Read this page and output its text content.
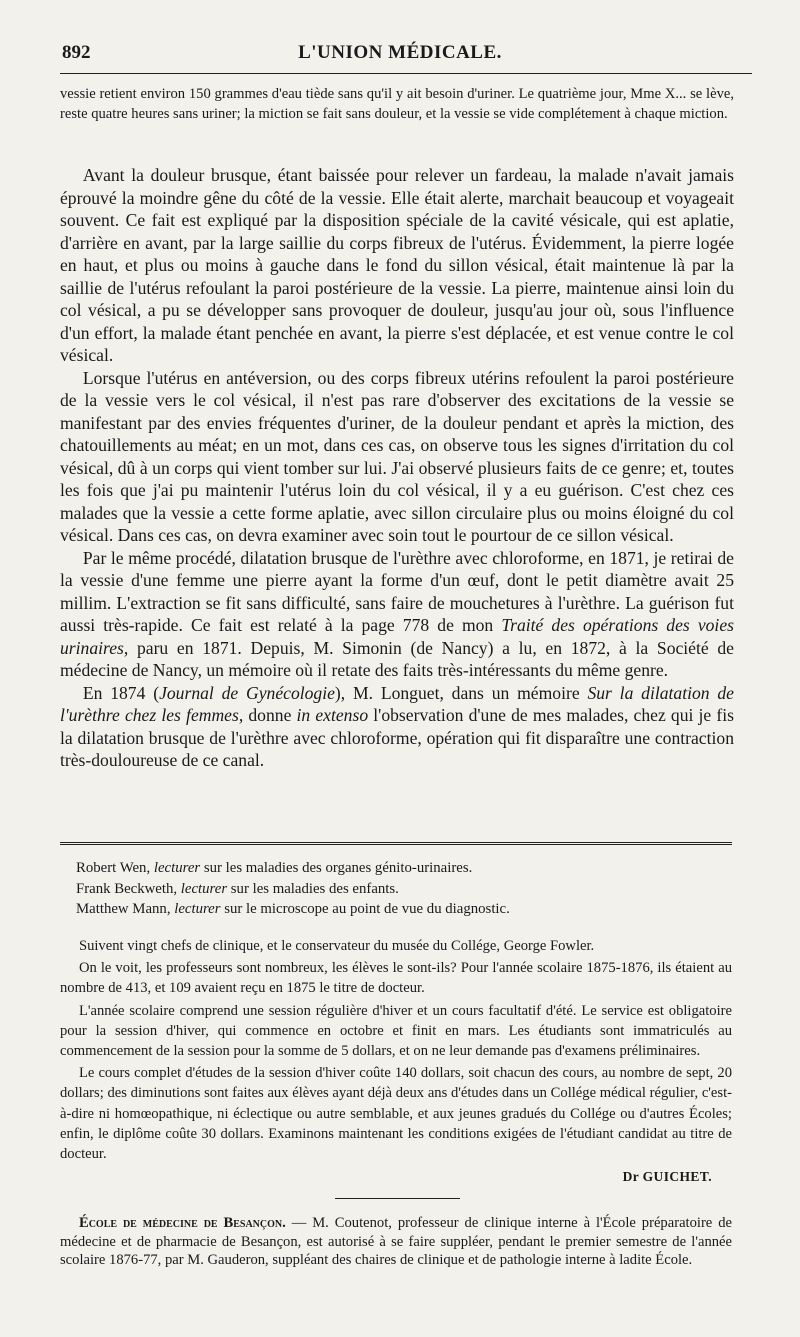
892	L'UNION MÉDICALE.

vessie retient environ 150 grammes d'eau tiède sans qu'il y ait besoin d'uriner. Le quatrième jour, Mme X... se lève, reste quatre heures sans uriner; la miction se fait sans douleur, et la vessie se vide complétement à chaque miction.

Avant la douleur brusque, étant baissée pour relever un fardeau, la malade n'avait jamais éprouvé la moindre gêne du côté de la vessie. Elle était alerte, marchait beaucoup et voyageait souvent. Ce fait est expliqué par la disposition spéciale de la cavité vésicale, qui est aplatie, d'arrière en avant, par la large saillie du corps fibreux de l'utérus. Évidemment, la pierre logée en haut, et plus ou moins à gauche dans le fond du sillon vésical, était maintenue là par la saillie de l'utérus refoulant la paroi postérieure de la vessie. La pierre, maintenue ainsi loin du col vésical, a pu se développer sans provoquer de douleur, jusqu'au jour où, sous l'influence d'un effort, la malade étant penchée en avant, la pierre s'est déplacée, et est venue contre le col vésical.

Lorsque l'utérus en antéversion, ou des corps fibreux utérins refoulent la paroi postérieure de la vessie vers le col vésical, il n'est pas rare d'observer des excitations de la vessie se manifestant par des envies fréquentes d'uriner, de la douleur pendant et après la miction, des chatouillements au méat; en un mot, dans ces cas, on observe tous les signes d'irritation du col vésical, dû à un corps qui vient tomber sur lui. J'ai observé plusieurs faits de ce genre; et, toutes les fois que j'ai pu maintenir l'utérus loin du col vésical, il y a eu guérison. C'est chez ces malades que la vessie a cette forme aplatie, avec sillon circulaire plus ou moins éloigné du col vésical. Dans ces cas, on devra examiner avec soin tout le pourtour de ce sillon vésical.

Par le même procédé, dilatation brusque de l'urèthre avec chloroforme, en 1871, je retirai de la vessie d'une femme une pierre ayant la forme d'un œuf, dont le petit diamètre avait 25 millim. L'extraction se fit sans difficulté, sans faire de mouchetures à l'urèthre. La guérison fut aussi très-rapide. Ce fait est relaté à la page 778 de mon Traité des opérations des voies urinaires, paru en 1871. Depuis, M. Simonin (de Nancy) a lu, en 1872, à la Société de médecine de Nancy, un mémoire où il retate des faits très-intéressants du même genre.

En 1874 (Journal de Gynécologie), M. Longuet, dans un mémoire Sur la dilatation de l'urèthre chez les femmes, donne in extenso l'observation d'une de mes malades, chez qui je fis la dilatation brusque de l'urèthre avec chloroforme, opération qui fit disparaître une contraction très-douloureuse de ce canal.

Robert Wen, lecturer sur les maladies des organes génito-urinaires.
Frank Beckweth, lecturer sur les maladies des enfants.
Matthew Mann, lecturer sur le microscope au point de vue du diagnostic.

Suivent vingt chefs de clinique, et le conservateur du musée du Collége, George Fowler.

On le voit, les professeurs sont nombreux, les élèves le sont-ils? Pour l'année scolaire 1875-1876, ils étaient au nombre de 413, et 109 avaient reçu en 1875 le titre de docteur.

L'année scolaire comprend une session régulière d'hiver et un cours facultatif d'été. Le service est obligatoire pour la session d'hiver, qui commence en octobre et finit en mars. Les étudiants sont immatriculés au commencement de la session pour la somme de 5 dollars, et on ne leur demande pas d'examens préliminaires.

Le cours complet d'études de la session d'hiver coûte 140 dollars, soit chacun des cours, au nombre de sept, 20 dollars; des diminutions sont faites aux élèves ayant déjà deux ans d'études dans un Collége médical régulier, c'est-à-dire ni homœopathique, ni éclectique ou autre semblable, et aux jeunes gradués du Collége ou d'autres Écoles; enfin, le diplôme coûte 30 dollars. Examinons maintenant les conditions exigées de l'étudiant candidat au titre de docteur.

Dr GUICHET.

École de médecine de Besançon. — M. Coutenot, professeur de clinique interne à l'École préparatoire de médecine et de pharmacie de Besançon, est autorisé à se faire suppléer, pendant le premier semestre de l'année scolaire 1876-77, par M. Gauderon, suppléant des chaires de clinique et de pathologie interne à ladite École.
